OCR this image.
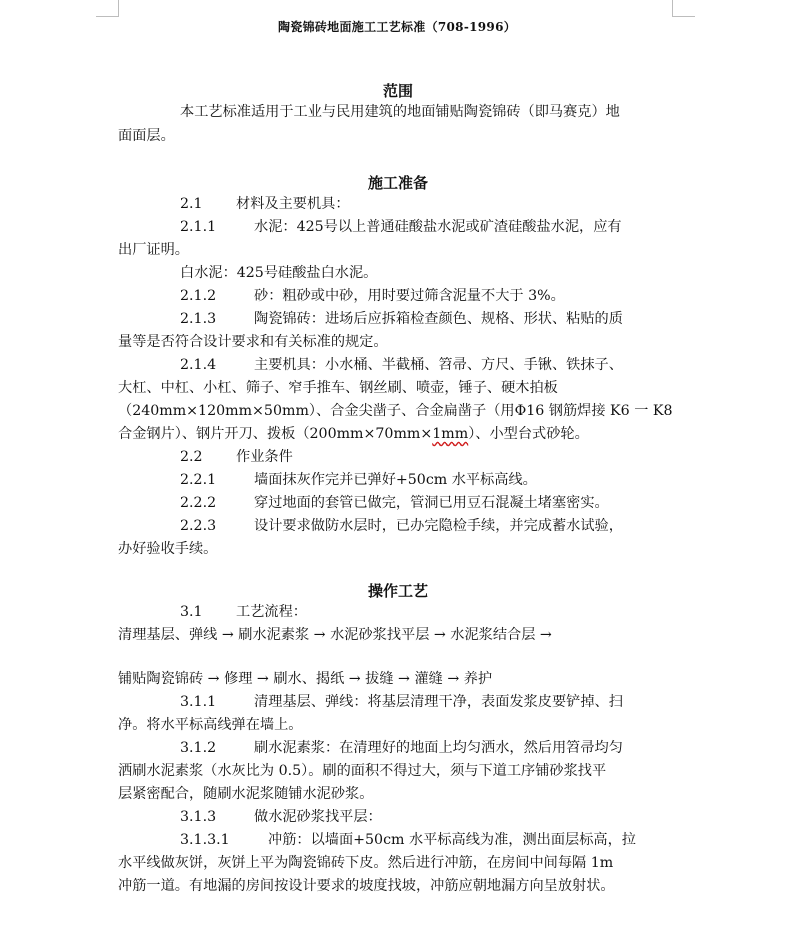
陶瓷锦砖地面施工工艺标准（708-1996）
范围
本工艺标准适用于工业与民用建筑的地面铺贴陶瓷锦砖（即马赛克）地
面面层。
施工准备
2.1 材料及主要机具：
2.1.1	水泥：425号以上普通硅酸盐水泥或矿渣硅酸盐水泥，应有
出厂证明。
白水泥：425号硅酸盐白水泥。
2.1.2	砂：粗砂或中砂，用时要过筛含泥量不大于 3%。
2.1.3	陶瓷锦砖：进场后应拆箱检查颜色、规格、形状、粘贴的质
量等是否符合设计要求和有关标准的规定。
2.1.4	主要机具：小水桶、半截桶、笤帚、方尺、手锹、铁抹子、
大杠、中杠、小杠、筛子、窄手推车、钢丝刷、喷壶，锤子、硬木拍板
（240mm×120mm×50mm）、合金尖凿子、合金扁凿子（用Φ16 钢筋焊接 K6 一 K8
合金钢片）、钢片开刀、拨板（200mm×70mm×1mm）、小型台式砂轮。
2.2 作业条件
2.2.1	墙面抹灰作完并已弹好+50cm 水平标高线。
2.2.2	穿过地面的套管已做完，管洞已用豆石混凝土堵塞密实。
2.2.3	设计要求做防水层时，已办完隐检手续，并完成蓄水试验，
办好验收手续。
操作工艺
3.1 工艺流程：
清理基层、弹线 → 刷水泥素浆 → 水泥砂浆找平层 → 水泥浆结合层 →
铺贴陶瓷锦砖 → 修理 → 刷水、揭纸 → 拔缝 → 灌缝 → 养护
3.1.1	清理基层、弹线：将基层清理干净，表面发浆皮要铲掉、扫
净。将水平标高线弹在墙上。
3.1.2	刷水泥素浆：在清理好的地面上均匀洒水，然后用笤帚均匀
洒刷水泥素浆（水灰比为 0.5）。刷的面积不得过大，须与下道工序铺砂浆找平
层紧密配合，随刷水泥浆随铺水泥砂浆。
3.1.3	做水泥砂浆找平层：
3.1.3.1	冲筋：以墙面+50cm 水平标高线为准，测出面层标高，拉
水平线做灰饼，灰饼上平为陶瓷锦砖下皮。然后进行冲筋，在房间中间每隔 1m
冲筋一道。有地漏的房间按设计要求的坡度找坡，冲筋应朝地漏方向呈放射状。
